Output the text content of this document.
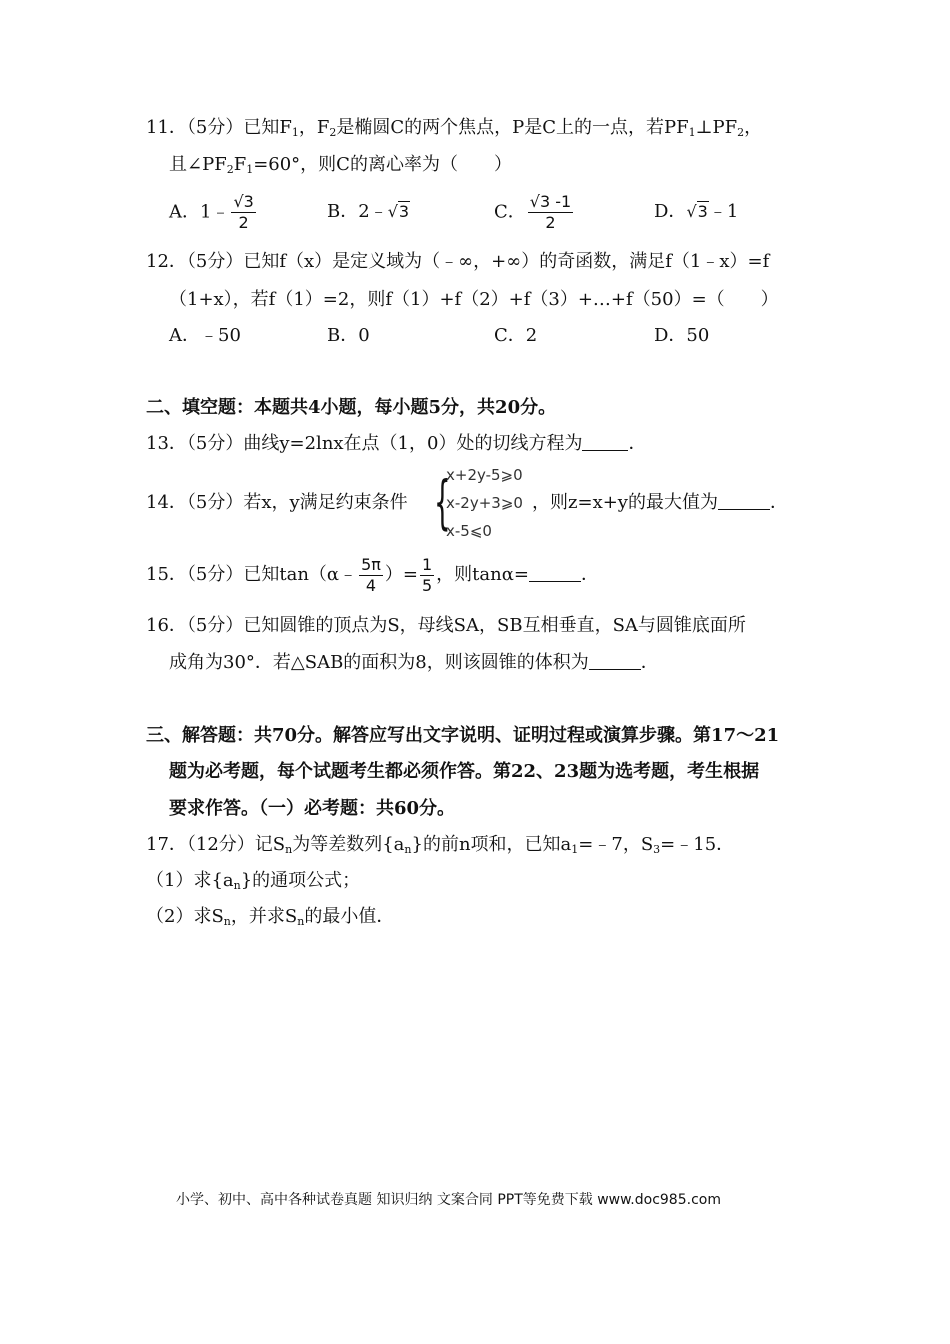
11．（5分）已知$F_1$，$F_2$是椭圆C的两个焦点，P是C上的一点，若$PF_1\perp PF_2$，
且$\angle PF_2F_1=60^\circ$，则C的离心率为（　　）
A．1﹣ $\frac{√3}{2}$	B．2﹣√3	C． $\frac{√3 -1}{2}$	D．√3﹣1
12．（5分）已知f（x）是定义域为（﹣∞，+∞）的奇函数，满足f（1﹣x）=f
（1+x），若f（1）=2，则f（1）+f（2）+f（3）+…+f（50）=（　　）
A．﹣50	B．0	C．2	D．50
二、填空题：本题共4小题，每小题5分，共20分。
13．（5分）曲线y=2lnx在点（1，0）处的切线方程为	．
14．（5分）若x，y满足约束条件 {
x+2y-5⩾0
x-2y+3⩾0
x-5⩽0
，则z=x+y的最大值为	．
15．（5分）已知tan（α﹣ $\frac{5\pi}{4}$ ）= $\frac{1}{5}$ ，则tanα=	．
16．（5分）已知圆锥的顶点为S，母线SA，SB互相垂直，SA与圆锥底面所
成角为30°．若△SAB的面积为8，则该圆锥的体积为	．
三、解答题：共70分。解答应写出文字说明、证明过程或演算步骤。第17～21
题为必考题，每个试题考生都必须作答。第22、23题为选考题，考生根据
要求作答。（一）必考题：共60分。
17．（12分）记$S_n$为等差数列$\{a_n\}$的前n项和，已知$a_1=﹣7$，$S_3=﹣15$．
（1）求$\{a_n\}$的通项公式；
（2）求$S_n$，并求$S_n$的最小值．
小学、初中、高中各种试卷真题 知识归纳 文案合同 PPT等免费下载 www.doc985.com
